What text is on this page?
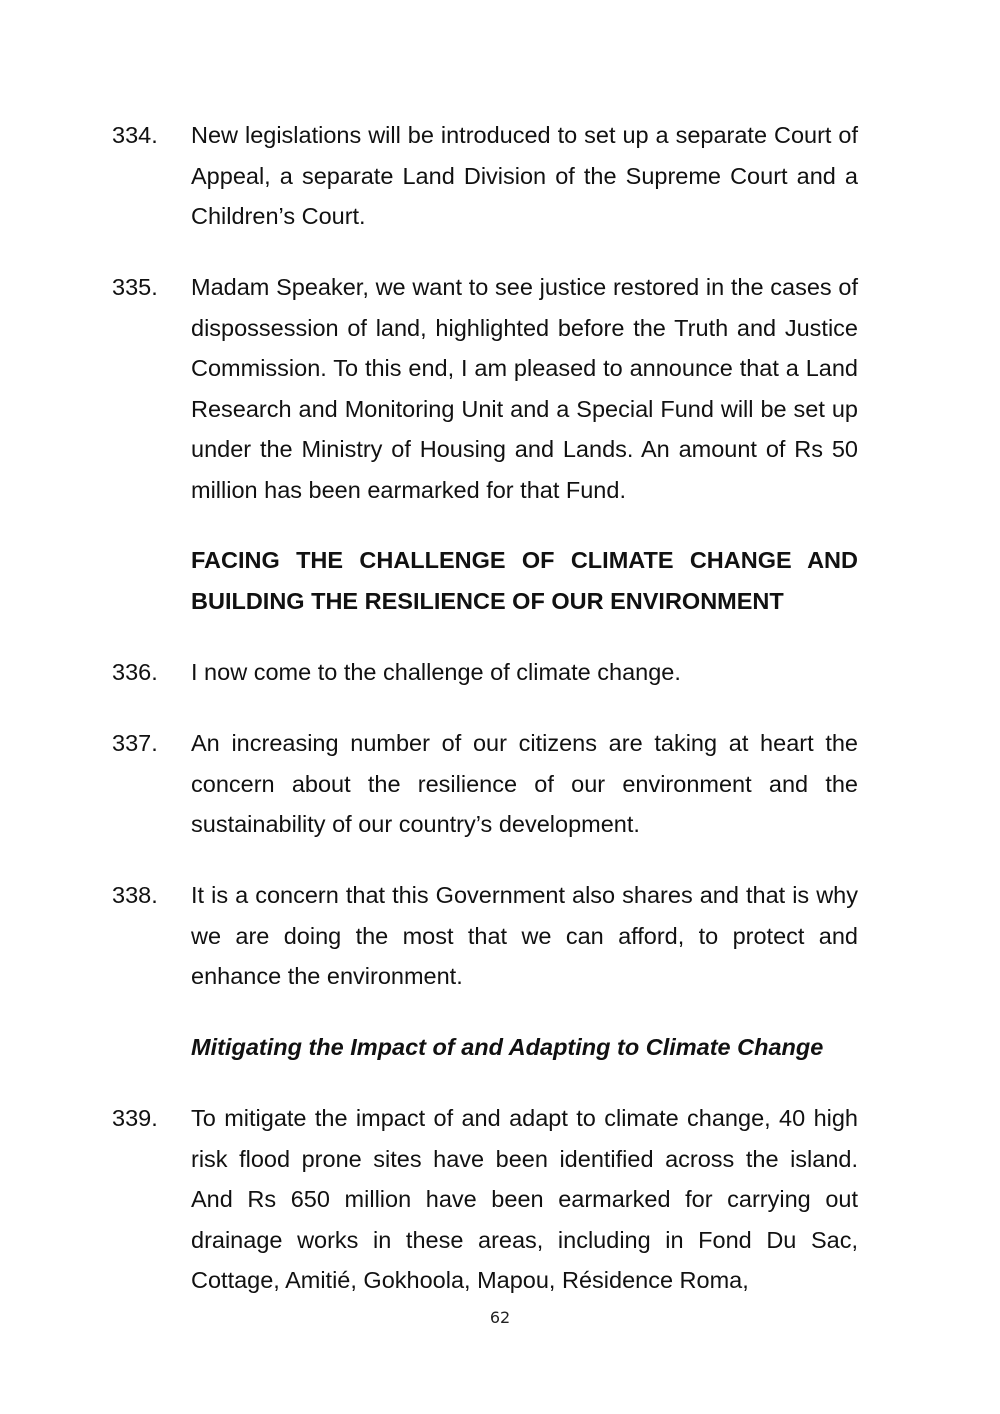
334.	New legislations will be introduced to set up a separate Court of Appeal, a separate Land Division of the Supreme Court and a Children’s Court.
335.	Madam Speaker, we want to see justice restored in the cases of dispossession of land, highlighted before the Truth and Justice Commission. To this end, I am pleased to announce that a Land Research and Monitoring Unit and a Special Fund will be set up under the Ministry of Housing and Lands. An amount of Rs 50 million has been earmarked for that Fund.
FACING THE CHALLENGE OF CLIMATE CHANGE AND BUILDING THE RESILIENCE OF OUR ENVIRONMENT
336.	I now come to the challenge of climate change.
337.	An increasing number of our citizens are taking at heart the concern about the resilience of our environment and the sustainability of our country’s development.
338.	It is a concern that this Government also shares and that is why we are doing the most that we can afford, to protect and enhance the environment.
Mitigating the Impact of and Adapting to Climate Change
339.	To mitigate the impact of and adapt to climate change, 40 high risk flood prone sites have been identified across the island. And Rs 650 million have been earmarked for carrying out drainage works in these areas, including in Fond Du Sac, Cottage, Amitié, Gokhoola, Mapou, Résidence Roma,
62
